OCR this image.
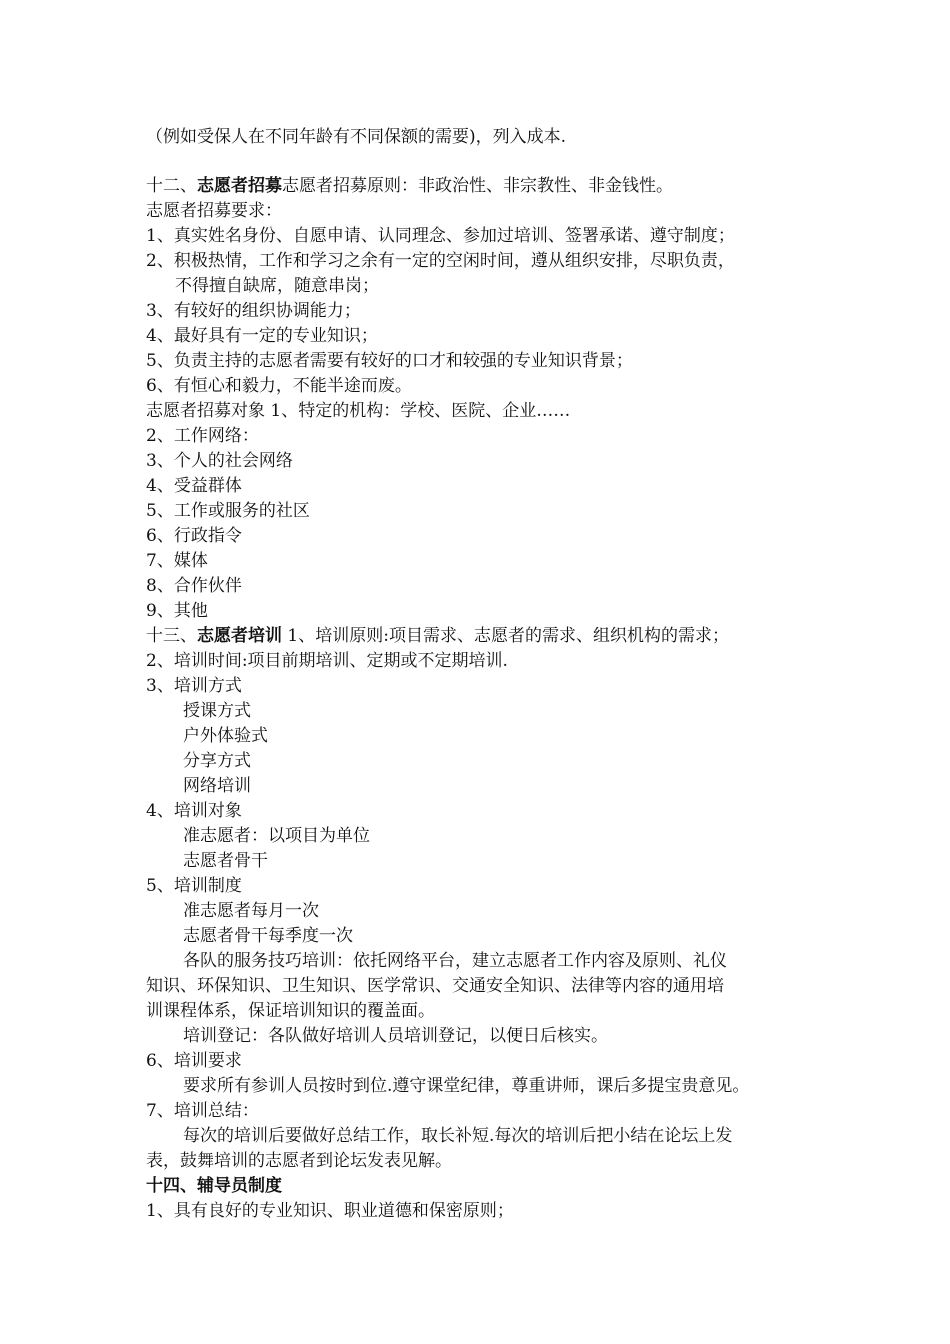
（例如受保人在不同年龄有不同保额的需要)，列入成本.
十二、志愿者招募志愿者招募原则：非政治性、非宗教性、非金钱性。
志愿者招募要求：
1、真实姓名身份、自愿申请、认同理念、参加过培训、签署承诺、遵守制度；
2、积极热情，工作和学习之余有一定的空闲时间，遵从组织安排，尽职负责，
不得擅自缺席，随意串岗；
3、有较好的组织协调能力；
4、最好具有一定的专业知识；
5、负责主持的志愿者需要有较好的口才和较强的专业知识背景；
6、有恒心和毅力，不能半途而废。
志愿者招募对象 1、特定的机构：学校、医院、企业……
2、工作网络：
3、个人的社会网络
4、受益群体
5、工作或服务的社区
6、行政指令
7、媒体
8、合作伙伴
9、其他
十三、志愿者培训 1、培训原则:项目需求、志愿者的需求、组织机构的需求；
2、培训时间:项目前期培训、定期或不定期培训.
3、培训方式
授课方式
户外体验式
分享方式
网络培训
4、培训对象
准志愿者：以项目为单位
志愿者骨干
5、培训制度
准志愿者每月一次
志愿者骨干每季度一次
各队的服务技巧培训：依托网络平台，建立志愿者工作内容及原则、礼仪
知识、环保知识、卫生知识、医学常识、交通安全知识、法律等内容的通用培
训课程体系，保证培训知识的覆盖面。
培训登记：各队做好培训人员培训登记，以便日后核实。
6、培训要求
要求所有参训人员按时到位.遵守课堂纪律，尊重讲师，课后多提宝贵意见。
7、培训总结：
每次的培训后要做好总结工作，取长补短.每次的培训后把小结在论坛上发
表，鼓舞培训的志愿者到论坛发表见解。
十四、辅导员制度
1、具有良好的专业知识、职业道德和保密原则；
